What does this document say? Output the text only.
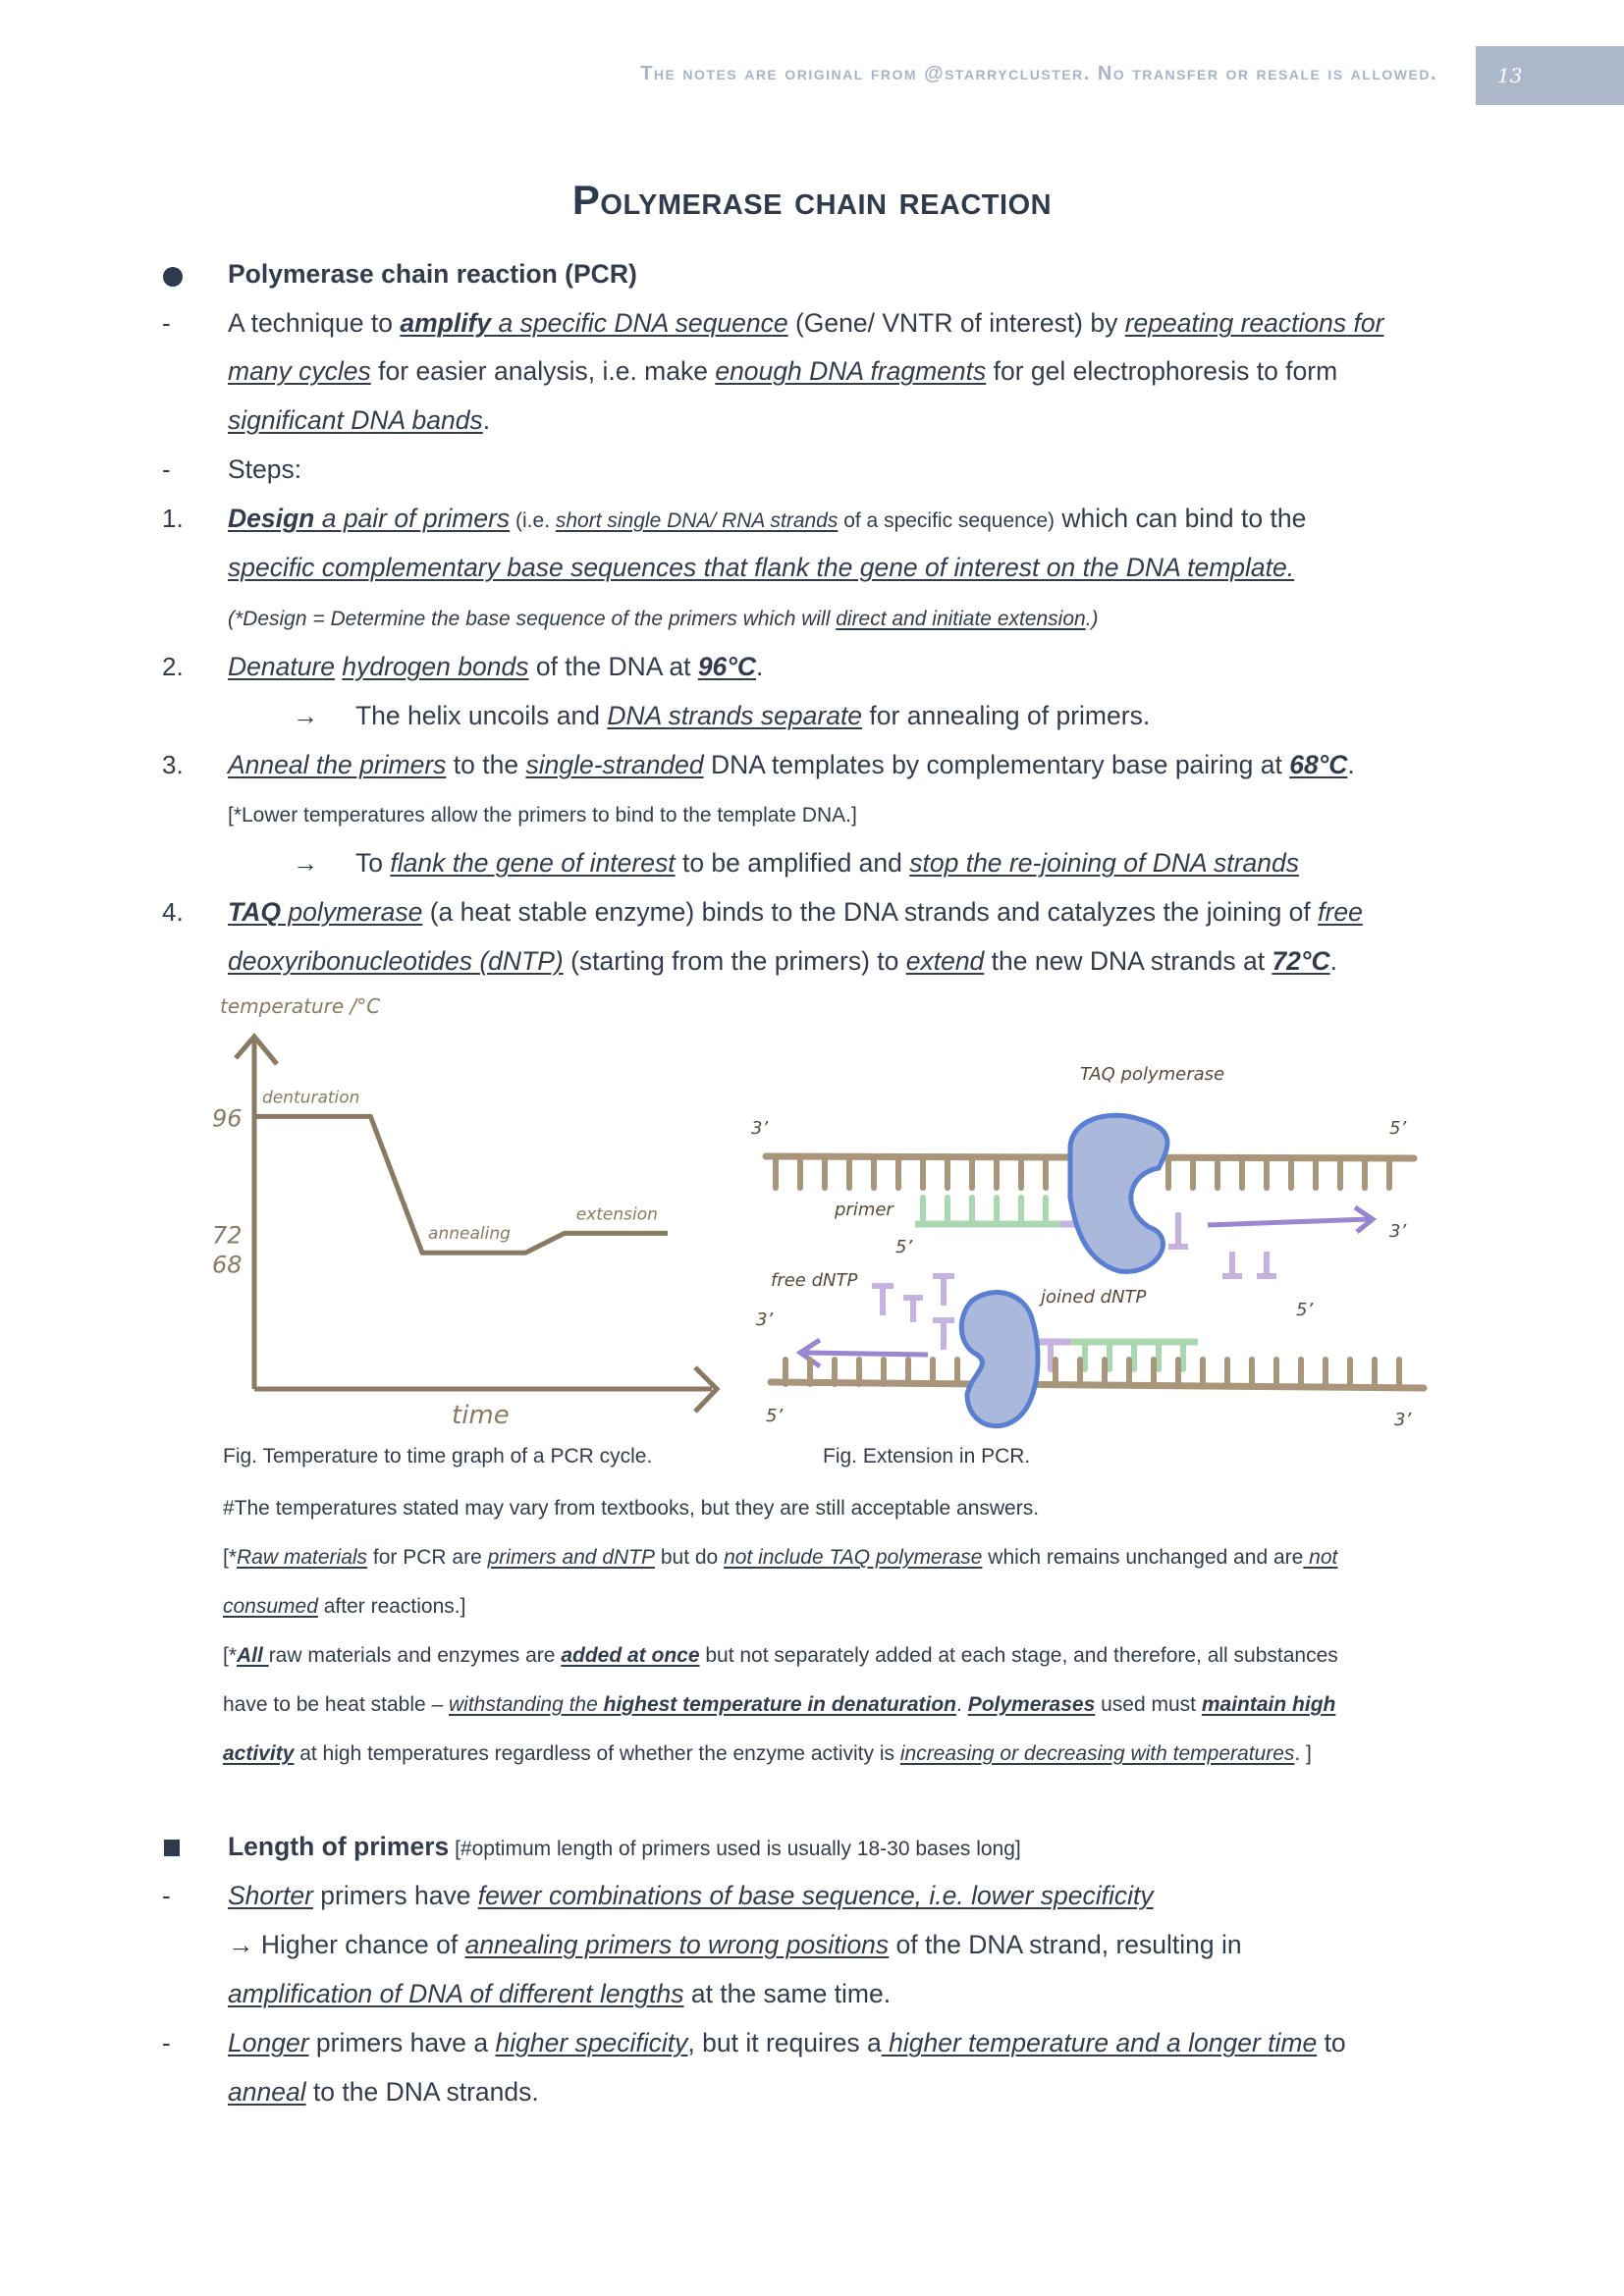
The notes are original from @starrycluster. No transfer or resale is allowed.	13
Polymerase chain reaction
Polymerase chain reaction (PCR)
- A technique to amplify a specific DNA sequence (Gene/ VNTR of interest) by repeating reactions for
many cycles for easier analysis, i.e. make enough DNA fragments for gel electrophoresis to form
significant DNA bands.
- Steps:
1. Design a pair of primers (i.e. short single DNA/ RNA strands of a specific sequence) which can bind to the
specific complementary base sequences that flank the gene of interest on the DNA template.
(*Design = Determine the base sequence of the primers which will direct and initiate extension.)
2. Denature hydrogen bonds of the DNA at 96°C.
→ The helix uncoils and DNA strands separate for annealing of primers.
3. Anneal the primers to the single-stranded DNA templates by complementary base pairing at 68°C.
[*Lower temperatures allow the primers to bind to the template DNA.]
→ To flank the gene of interest to be amplified and stop the re-joining of DNA strands
4. TAQ polymerase (a heat stable enzyme) binds to the DNA strands and catalyzes the joining of free
deoxyribonucleotides (dNTP) (starting from the primers) to extend the new DNA strands at 72°C.
temperature /°C
time
96
72
68
denturation
annealing
extension
TAQ polymerase
3’	5’
primer
5’
3’
free dNTP
3’
joined dNTP
5’
5’	3’
Fig. Temperature to time graph of a PCR cycle.	Fig. Extension in PCR.
#The temperatures stated may vary from textbooks, but they are still acceptable answers.
[*Raw materials for PCR are primers and dNTP but do not include TAQ polymerase which remains unchanged and are not
consumed after reactions.]
[*All raw materials and enzymes are added at once but not separately added at each stage, and therefore, all substances
have to be heat stable – withstanding the highest temperature in denaturation. Polymerases used must maintain high
activity at high temperatures regardless of whether the enzyme activity is increasing or decreasing with temperatures. ]
Length of primers [#optimum length of primers used is usually 18-30 bases long]
- Shorter primers have fewer combinations of base sequence, i.e. lower specificity
→ Higher chance of annealing primers to wrong positions of the DNA strand, resulting in
amplification of DNA of different lengths at the same time.
- Longer primers have a higher specificity, but it requires a higher temperature and a longer time to
anneal to the DNA strands.
